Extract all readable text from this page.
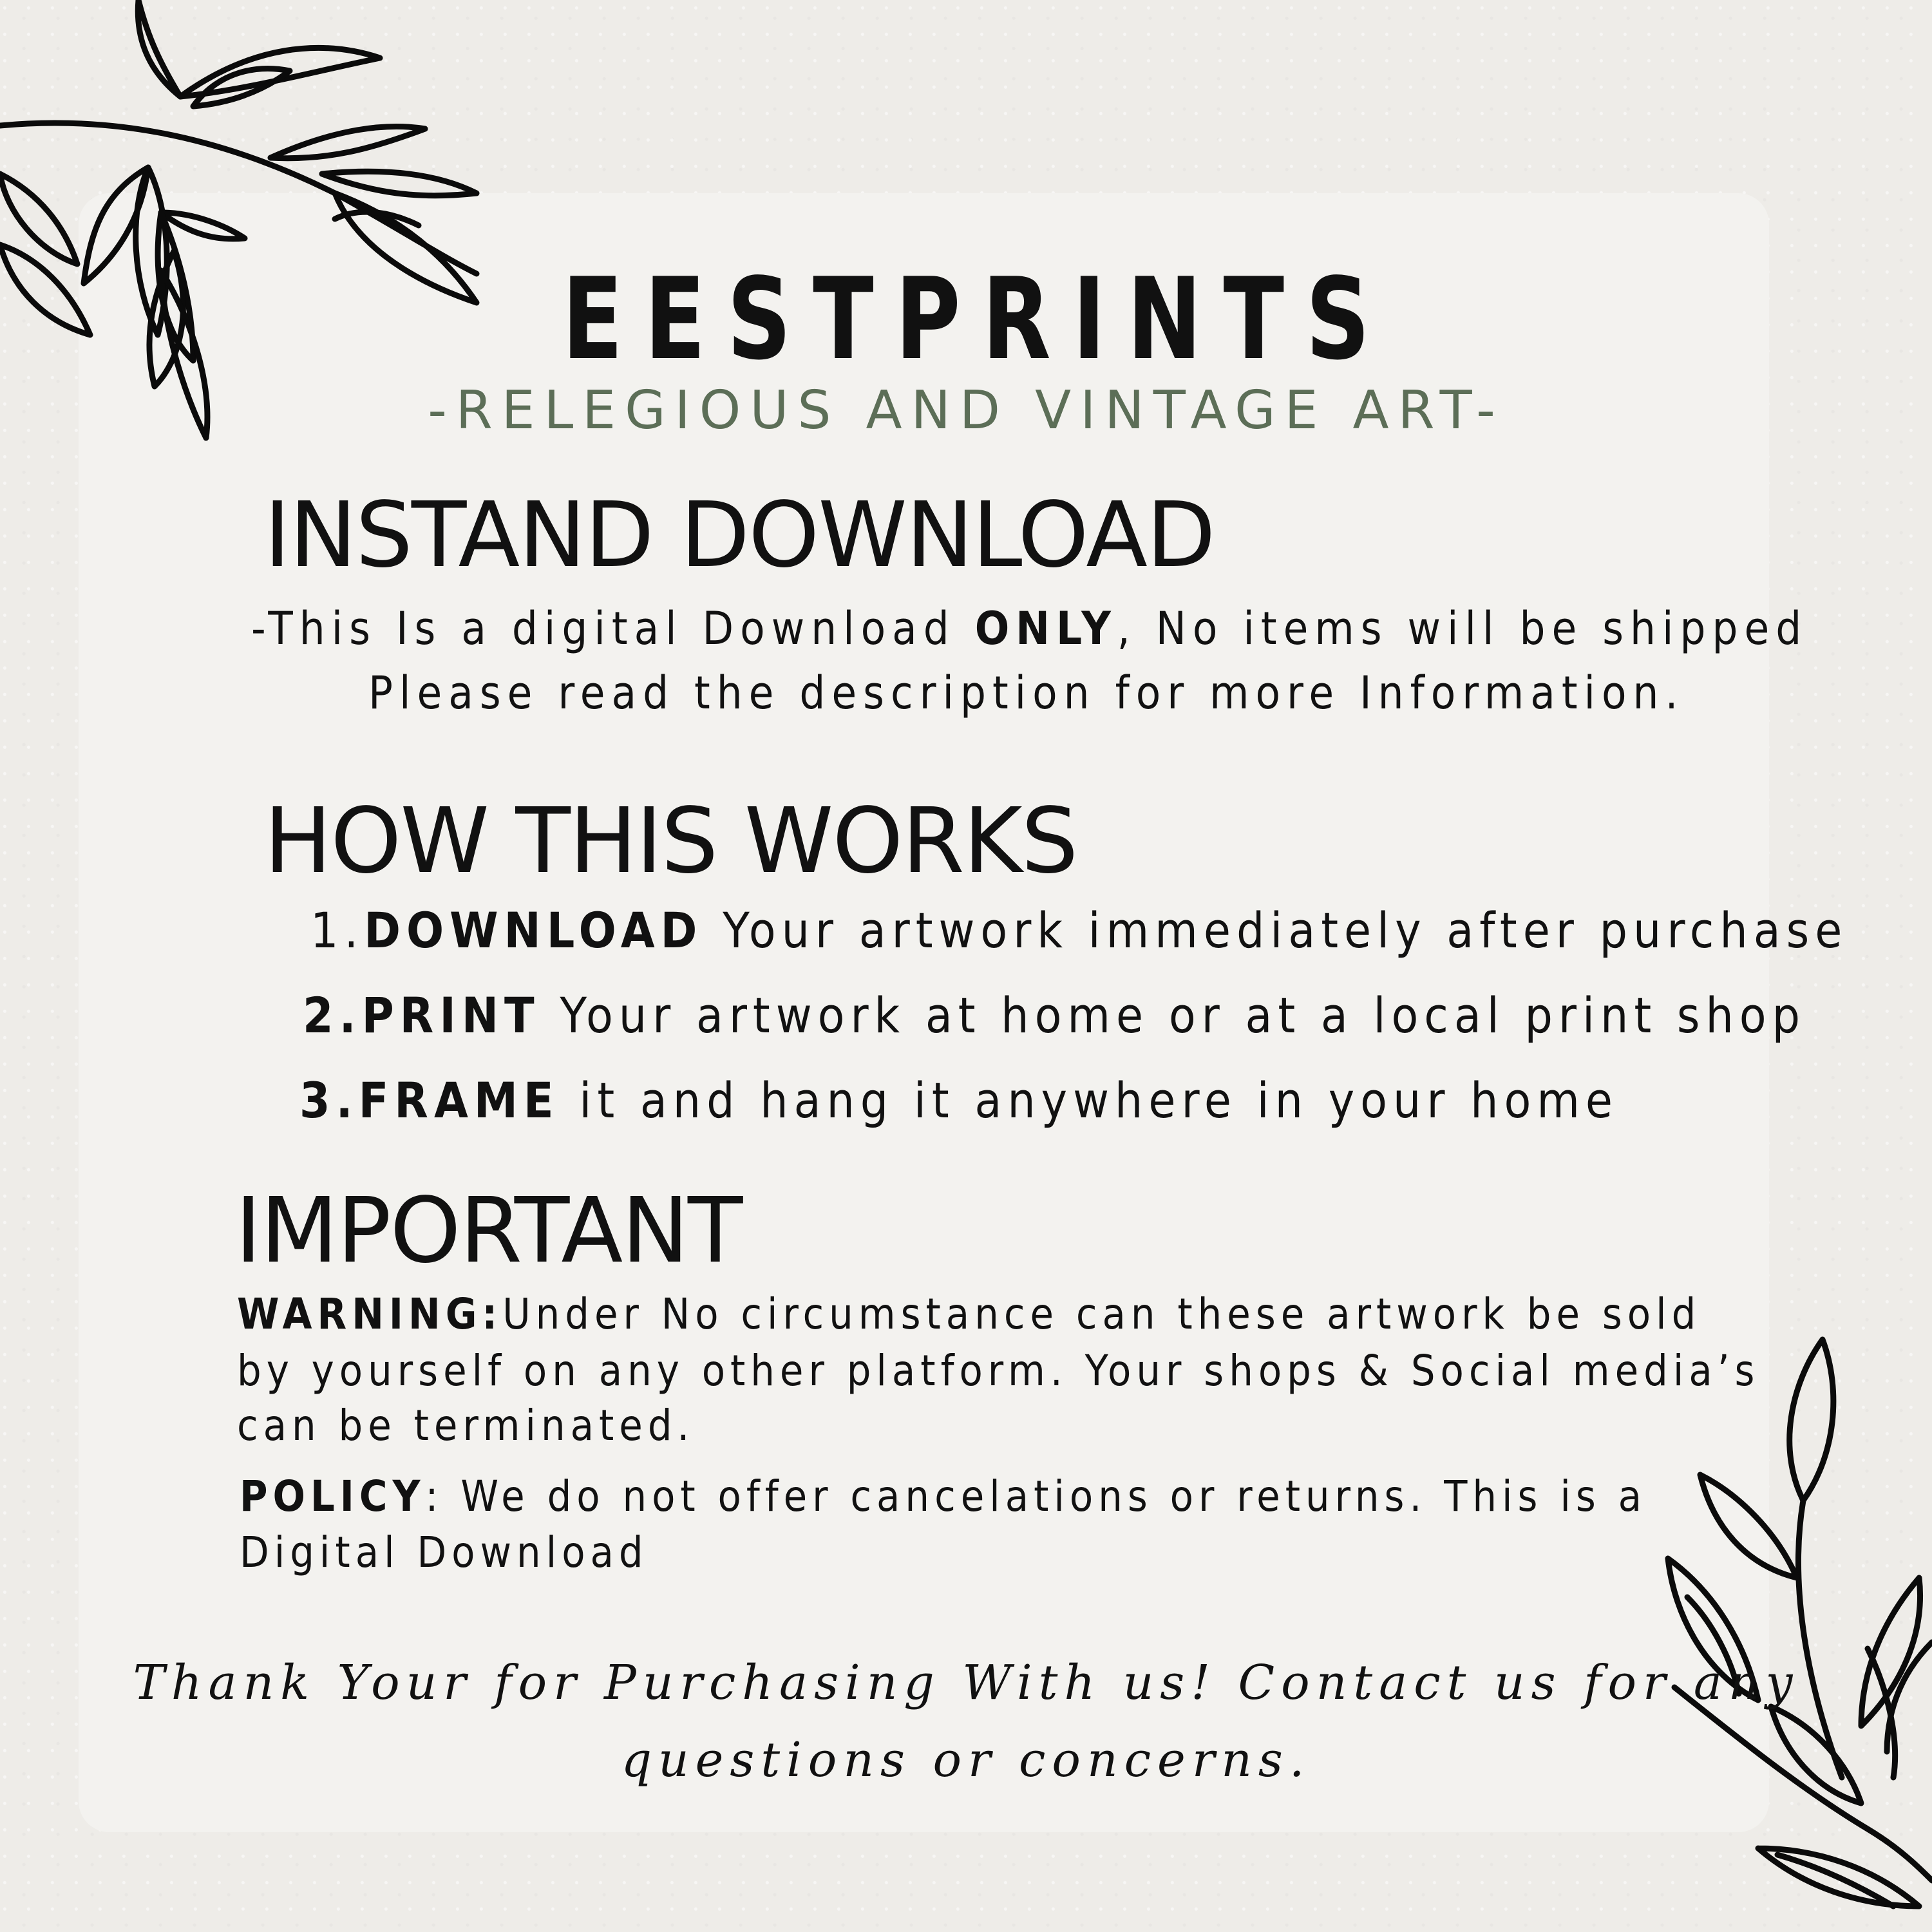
EESTPRINTS
-RELEGIOUS AND VINTAGE ART-
INSTAND DOWNLOAD
-This Is a digital Download ONLY, No items will be shipped
Please read the description for more Information.
HOW THIS WORKS
1.DOWNLOAD Your artwork immediately after purchase
2.PRINT Your artwork at home or at a local print shop
3.FRAME it and hang it anywhere in your home
IMPORTANT
WARNING:Under No circumstance can these artwork be sold
by yourself on any other platform. Your shops & Social media’s
can be terminated.
POLICY: We do not offer cancelations or returns. This is a
Digital Download
Thank Your for Purchasing With us! Contact us for any
questions or concerns.
